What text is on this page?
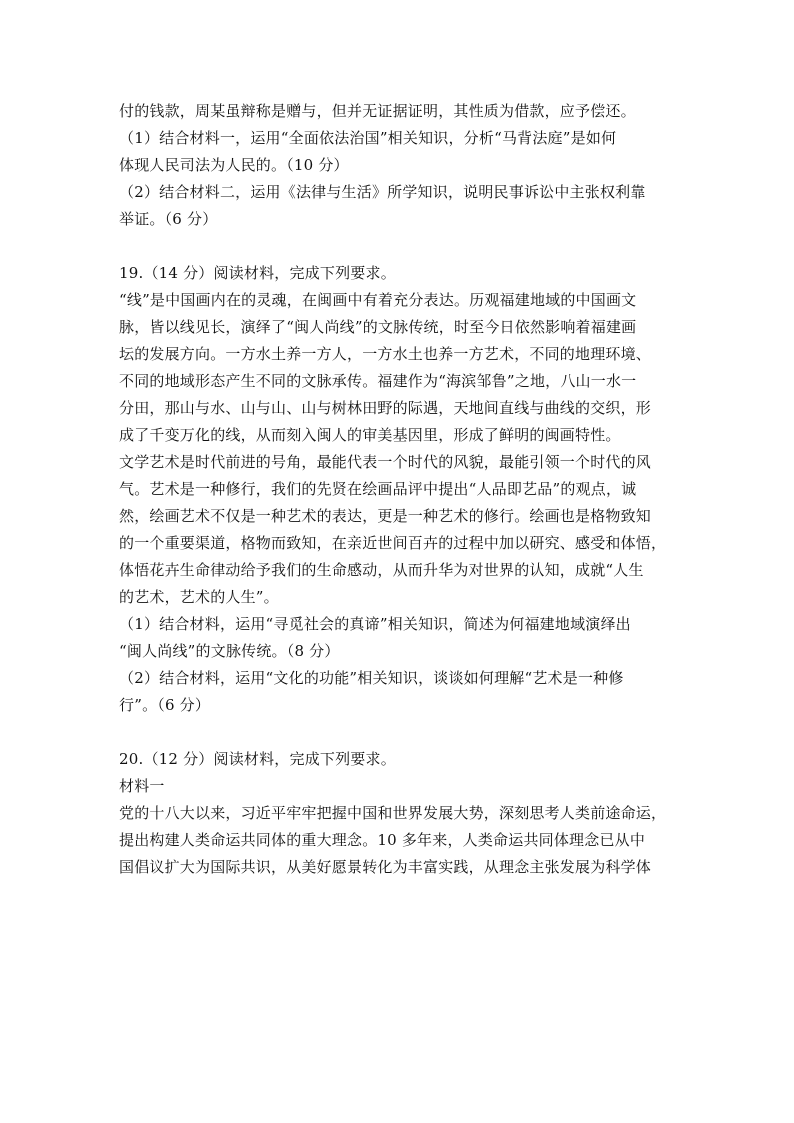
付的钱款，周某虽辩称是赠与，但并无证据证明，其性质为借款，应予偿还。
（1）结合材料一，运用“全面依法治国”相关知识，分析“马背法庭”是如何
体现人民司法为人民的。（10 分）
（2）结合材料二，运用《法律与生活》所学知识，说明民事诉讼中主张权利靠
举证。（6 分）
19.（14 分）阅读材料，完成下列要求。
“线”是中国画内在的灵魂，在闽画中有着充分表达。历观福建地域的中国画文
脉，皆以线见长，演绎了“闽人尚线”的文脉传统，时至今日依然影响着福建画
坛的发展方向。一方水土养一方人，一方水土也养一方艺术，不同的地理环境、
不同的地域形态产生不同的文脉承传。福建作为“海滨邹鲁”之地，八山一水一
分田，那山与水、山与山、山与树林田野的际遇，天地间直线与曲线的交织，形
成了千变万化的线，从而刻入闽人的审美基因里，形成了鲜明的闽画特性。
文学艺术是时代前进的号角，最能代表一个时代的风貌，最能引领一个时代的风
气。艺术是一种修行，我们的先贤在绘画品评中提出“人品即艺品”的观点，诚
然，绘画艺术不仅是一种艺术的表达，更是一种艺术的修行。绘画也是格物致知
的一个重要渠道，格物而致知，在亲近世间百卉的过程中加以研究、感受和体悟，
体悟花卉生命律动给予我们的生命感动，从而升华为对世界的认知，成就“人生
的艺术，艺术的人生”。
（1）结合材料，运用“寻觅社会的真谛”相关知识，简述为何福建地域演绎出
“闽人尚线”的文脉传统。（8 分）
（2）结合材料，运用“文化的功能”相关知识，谈谈如何理解“艺术是一种修
行”。（6 分）
20.（12 分）阅读材料，完成下列要求。
材料一
党的十八大以来，习近平牢牢把握中国和世界发展大势，深刻思考人类前途命运，
提出构建人类命运共同体的重大理念。10 多年来，人类命运共同体理念已从中
国倡议扩大为国际共识，从美好愿景转化为丰富实践，从理念主张发展为科学体
